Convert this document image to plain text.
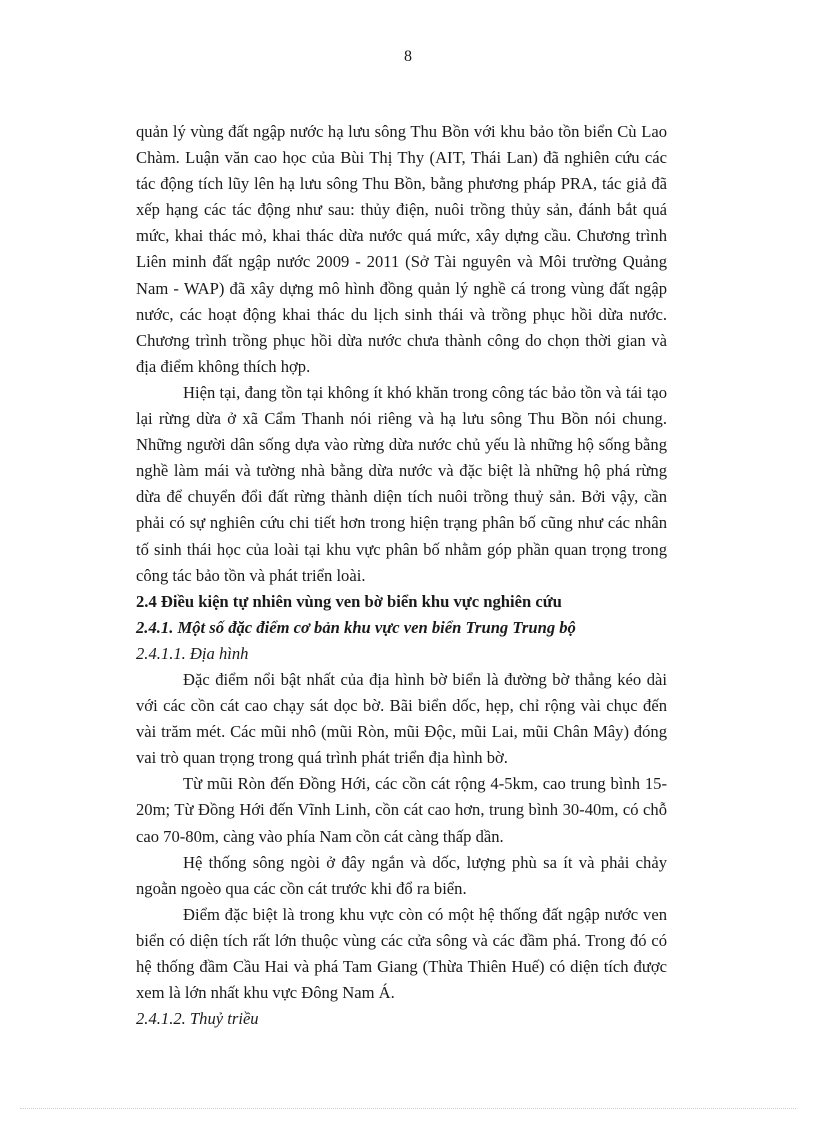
8

quản lý vùng đất ngập nước hạ lưu sông Thu Bồn với khu bảo tồn biển Cù Lao Chàm. Luận văn cao học của Bùi Thị Thy (AIT, Thái Lan) đã nghiên cứu các tác động tích lũy lên hạ lưu sông Thu Bồn, bằng phương pháp PRA, tác giả đã xếp hạng các tác động như sau: thủy điện, nuôi trồng thủy sản, đánh bắt quá mức, khai thác mỏ, khai thác dừa nước quá mức, xây dựng cầu. Chương trình Liên minh đất ngập nước 2009 - 2011 (Sở Tài nguyên và Môi trường Quảng Nam - WAP) đã xây dựng mô hình đồng quản lý nghề cá trong vùng đất ngập nước, các hoạt động khai thác du lịch sinh thái và trồng phục hồi dừa nước. Chương trình trồng phục hồi dừa nước chưa thành công do chọn thời gian và địa điểm không thích hợp.

Hiện tại, đang tồn tại không ít khó khăn trong công tác bảo tồn và tái tạo lại rừng dừa ở xã Cẩm Thanh nói riêng và hạ lưu sông Thu Bồn nói chung. Những người dân sống dựa vào rừng dừa nước chủ yếu là những hộ sống bằng nghề làm mái và tường nhà bằng dừa nước và đặc biệt là những hộ phá rừng dừa để chuyển đổi đất rừng thành diện tích nuôi trồng thuỷ sản. Bởi vậy, cần phải có sự nghiên cứu chi tiết hơn trong hiện trạng phân bố cũng như các nhân tố sinh thái học của loài tại khu vực phân bố nhằm góp phần quan trọng trong công tác bảo tồn và phát triển loài.

2.4 Điều kiện tự nhiên vùng ven bờ biển khu vực nghiên cứu

2.4.1. Một số đặc điểm cơ bản khu vực ven biển Trung Trung bộ

2.4.1.1. Địa hình

Đặc điểm nổi bật nhất của địa hình bờ biển là đường bờ thẳng kéo dài với các cồn cát cao chạy sát dọc bờ. Bãi biển dốc, hẹp, chỉ rộng vài chục đến vài trăm mét. Các mũi nhô (mũi Ròn, mũi Độc, mũi Lai, mũi Chân Mây) đóng vai trò quan trọng trong quá trình phát triển địa hình bờ.

Từ mũi Ròn đến Đồng Hới, các cồn cát rộng 4-5km, cao trung bình 15-20m; Từ Đồng Hới đến Vĩnh Linh, cồn cát cao hơn, trung bình 30-40m, có chỗ cao 70-80m, càng vào phía Nam cồn cát càng thấp dần.

Hệ thống sông ngòi ở đây ngắn và dốc, lượng phù sa ít và phải chảy ngoằn ngoèo qua các cồn cát trước khi đổ ra biển.

Điểm đặc biệt là trong khu vực còn có một hệ thống đất ngập nước ven biển có diện tích rất lớn thuộc vùng các cửa sông và các đầm phá. Trong đó có hệ thống đầm Cầu Hai và phá Tam Giang (Thừa Thiên Huế) có diện tích được xem là lớn nhất khu vực Đông Nam Á.

2.4.1.2. Thuỷ triều
